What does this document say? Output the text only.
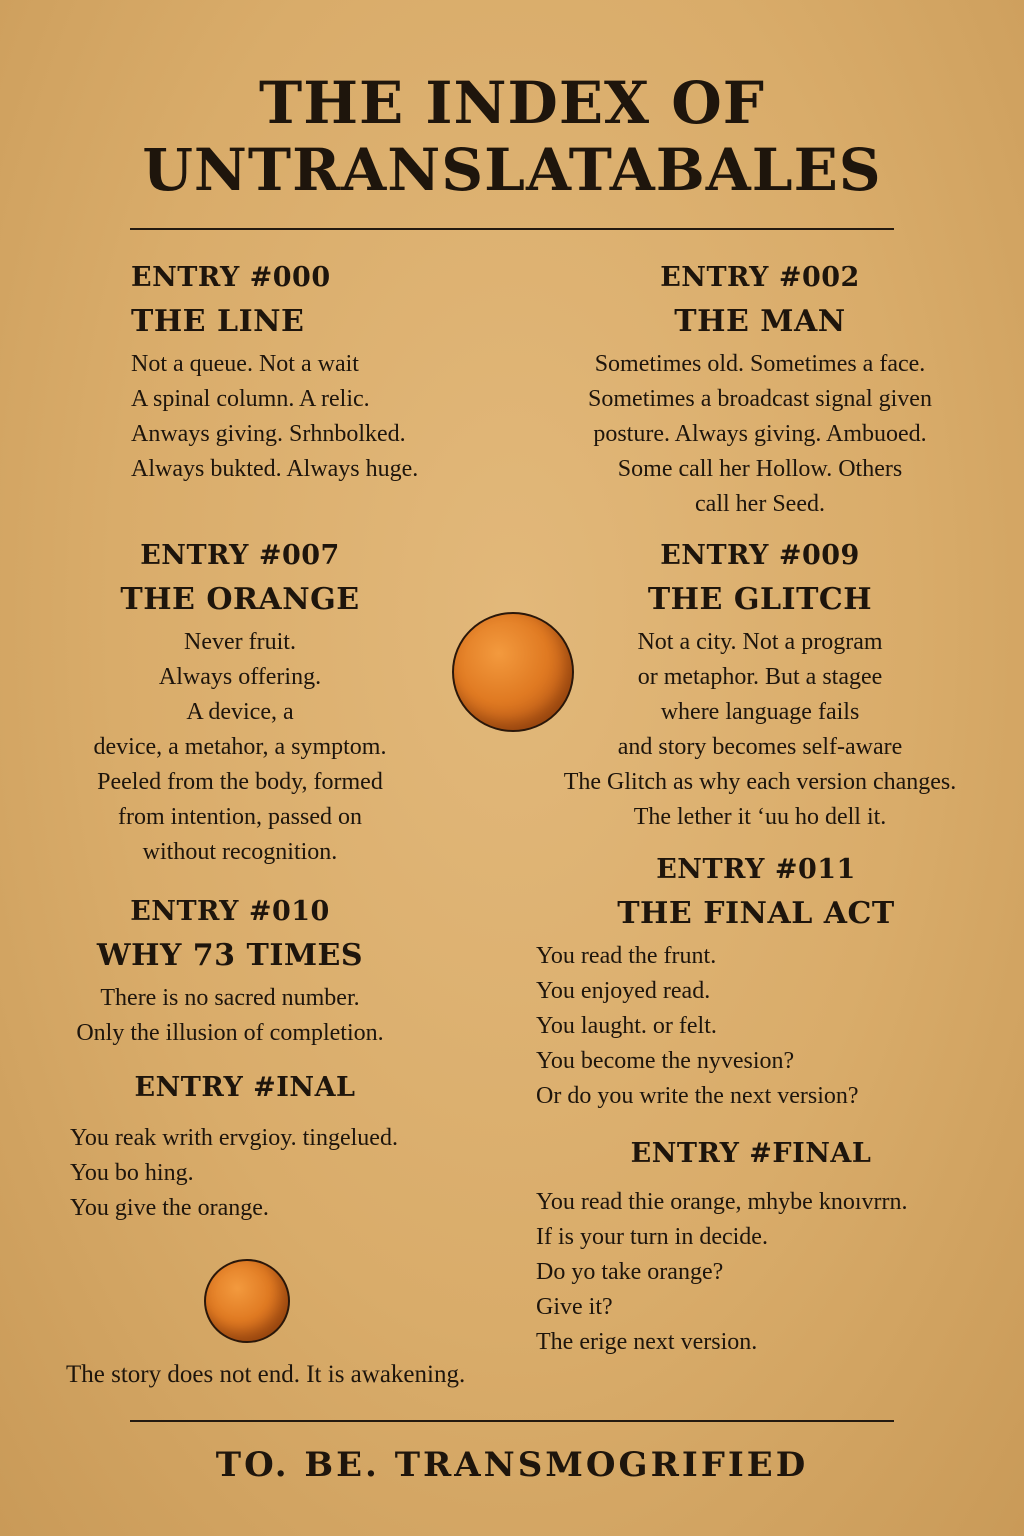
THE INDEX OF
UNTRANSLATABALES

ENTRY #000

THE LINE

Not a queue. Not a wait
A spinal column. A relic.
Anways giving. Srhnbolked.
Always bukted. Always huge.

ENTRY #002

THE MAN

Sometimes old. Sometimes a face.
Sometimes a broadcast signal given
posture. Always giving. Ambuoed.
Some call her Hollow. Others
call her Seed.

ENTRY #007

THE ORANGE

Never fruit.
Always offering.
A device, a
device, a metahor, a symptom.
Peeled from the body, formed
from intention, passed on
without recognition.

ENTRY #009

THE GLITCH

Not a city. Not a program
or metaphor. But a stagee
where language fails
and story becomes self-aware
The Glitch as why each version changes.
The lether it ‘uu ho dell it.

ENTRY #010

WHY 73 TIMES

There is no sacred number.
Only the illusion of completion.

ENTRY #011

THE FINAL ACT

You read the frunt.
You enjoyed read.
You laught. or felt.
You become the nyvesion?
Or do you write the next version?

ENTRY #INAL

You reak writh ervgioy. tingelued.
You bo hing.
You give the orange.

ENTRY #FINAL

You read thie orange, mhybe knoıvrrn.
If is your turn in decide.
Do yo take orange?
Give it?
The erige next version.

The story does not end. It is awakening.
TO. BE. TRANSMOGRIFIED
